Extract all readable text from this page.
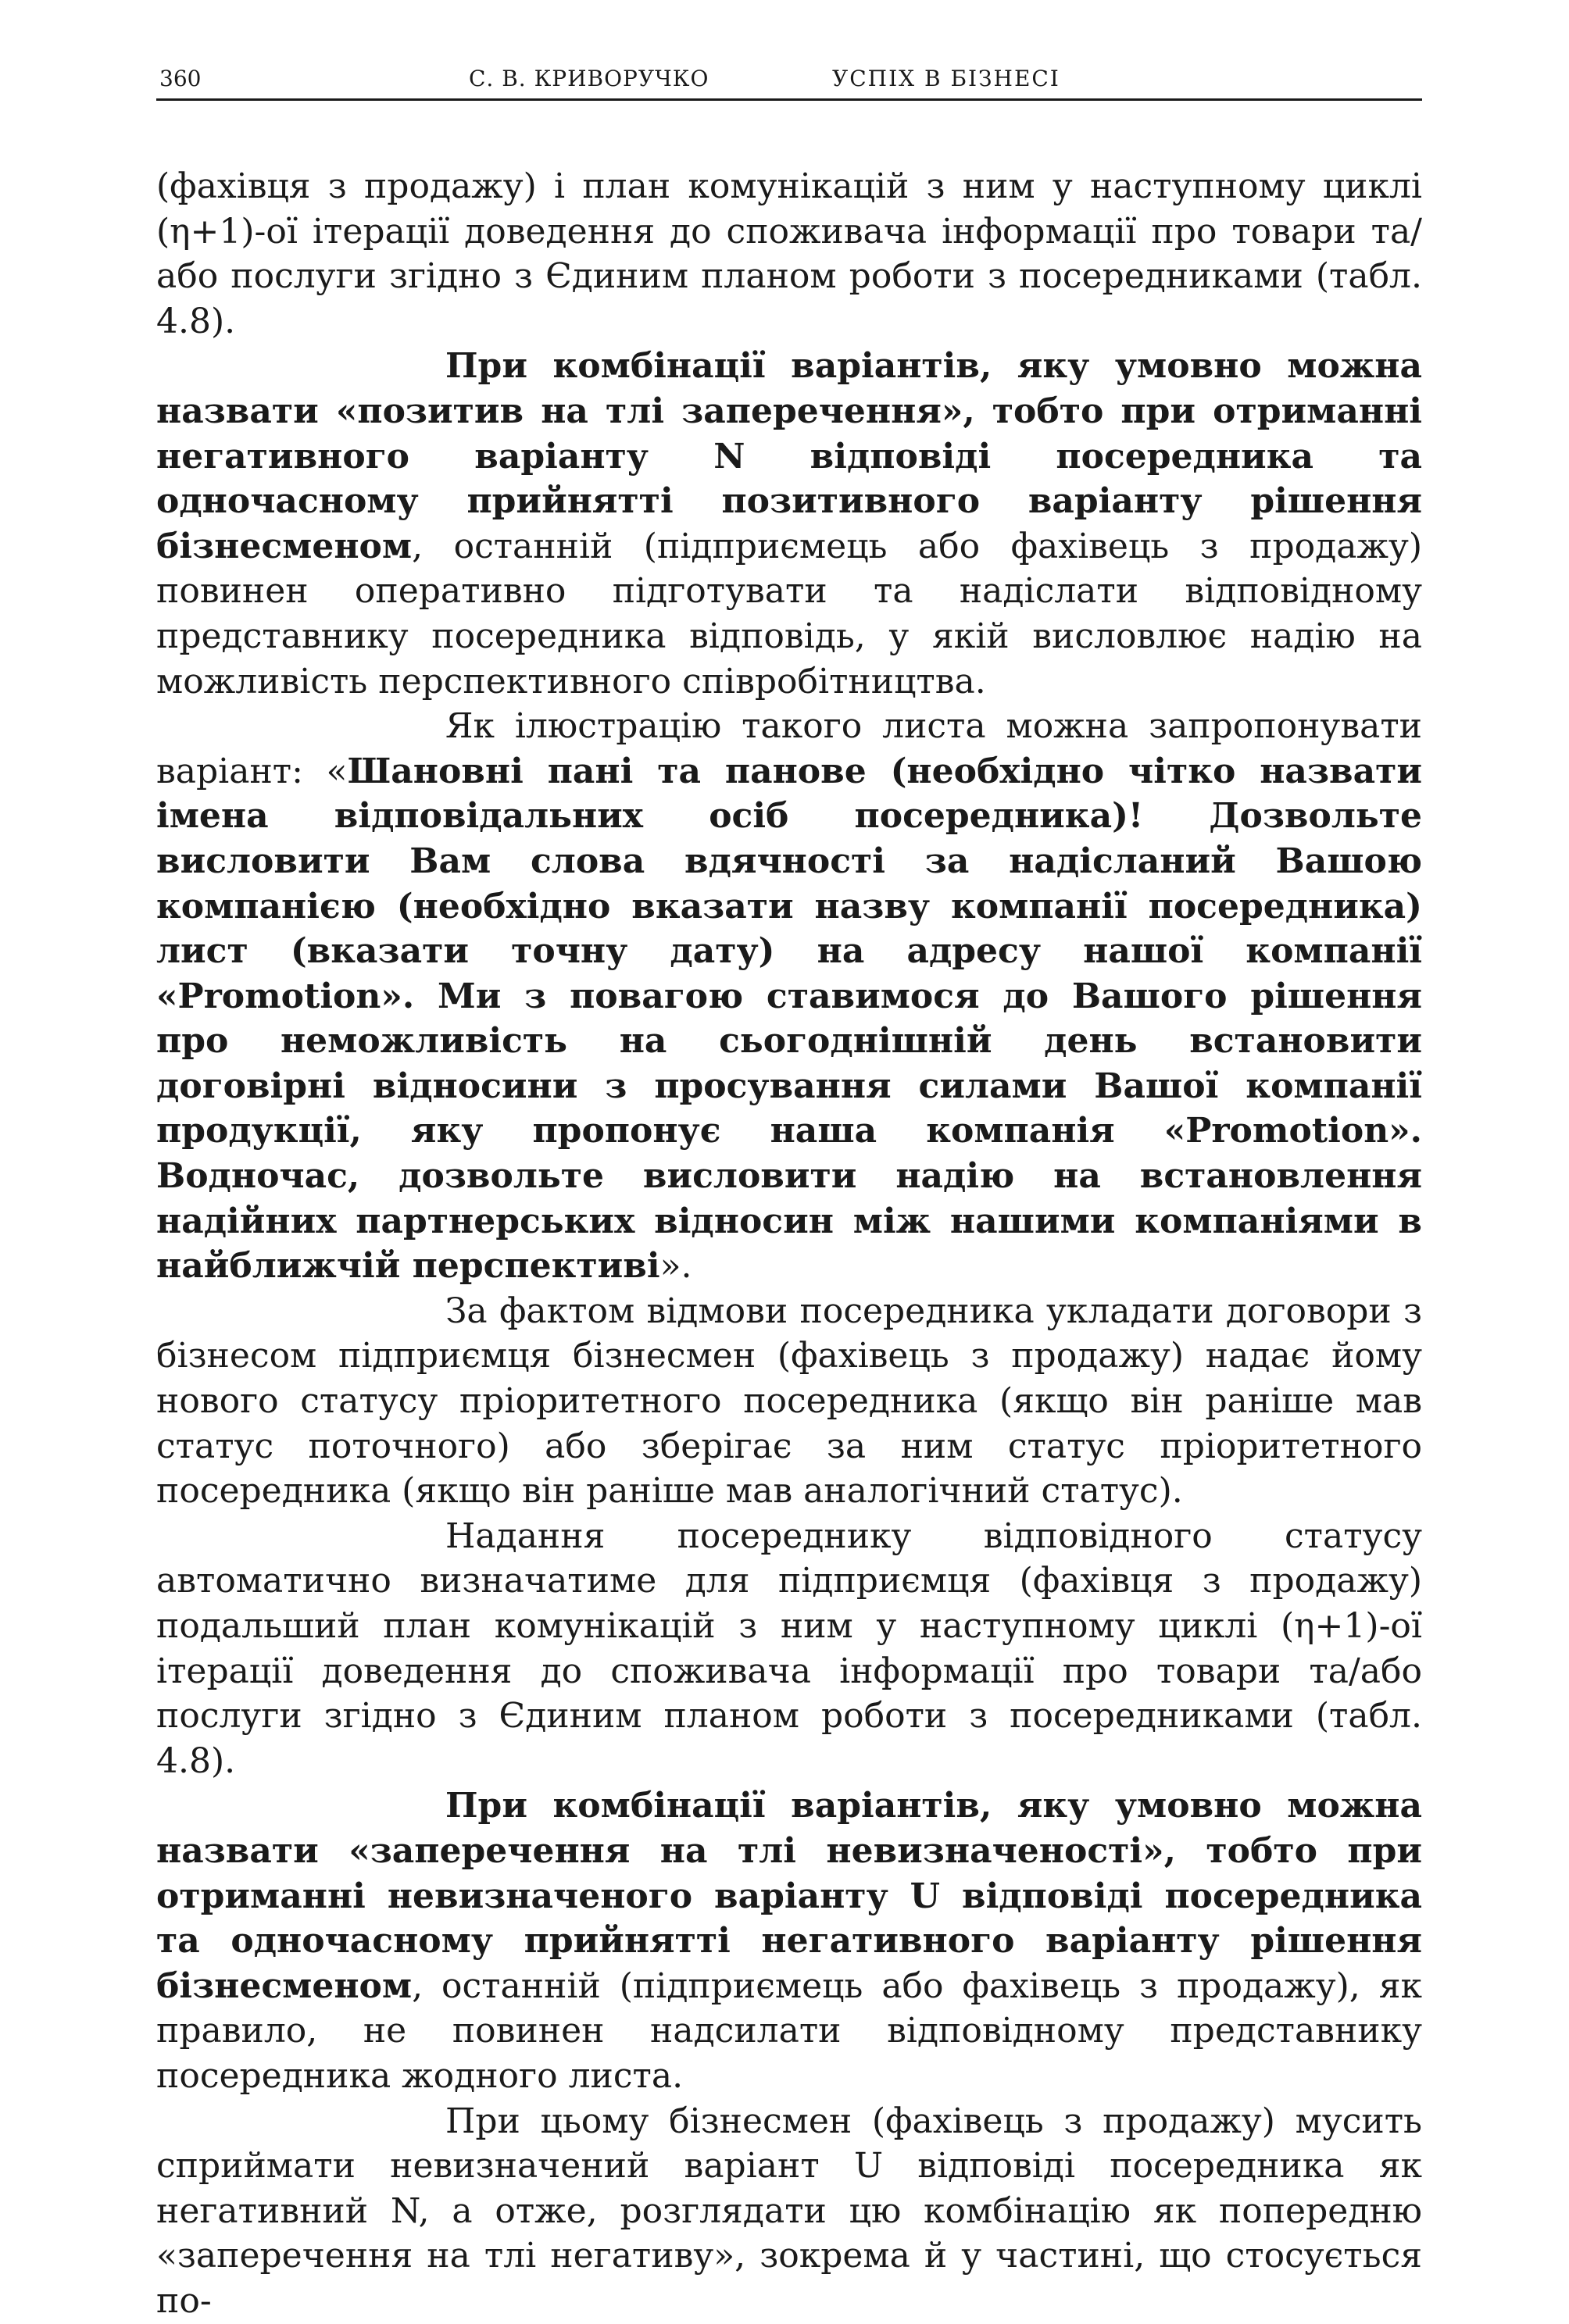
360	С. В. КРИВОРУЧКО	УСПІХ В БІЗНЕСІ

(фахівця з продажу) і план комунікацій з ним у наступному циклі (η+1)-ої ітерації доведення до споживача інформації про товари та/або послуги згідно з Єдиним планом роботи з посередниками (табл. 4.8).

При комбінації варіантів, яку умовно можна назвати «позитив на тлі заперечення», тобто при отриманні негативного варіанту N відповіді посередника та одночасному прийнятті позитивного варіанту рішення бізнесменом, останній (підприємець або фахівець з продажу) повинен оперативно підготувати та надіслати відповідному представнику посередника відповідь, у якій висловлює надію на можливість перспективного співробітництва.

Як ілюстрацію такого листа можна запропонувати варіант: «Шановні пані та панове (необхідно чітко назвати імена відповідальних осіб посередника)! Дозвольте висловити Вам слова вдячності за надісланий Вашою компанією (необхідно вказати назву компанії посередника) лист (вказати точну дату) на адресу нашої компанії «Promotion». Ми з повагою ставимося до Вашого рішення про неможливість на сьогоднішній день встановити договірні відносини з просування силами Вашої компанії продукції, яку пропонує наша компанія «Promotion». Водночас, дозвольте висловити надію на встановлення надійних партнерських відносин між нашими компаніями в найближчій перспективі».

За фактом відмови посередника укладати договори з бізнесом підприємця бізнесмен (фахівець з продажу) надає йому нового статусу пріоритетного посередника (якщо він раніше мав статус поточного) або зберігає за ним статус пріоритетного посередника (якщо він раніше мав аналогічний статус).

Надання посереднику відповідного статусу автоматично визначатиме для підприємця (фахівця з продажу) подальший план комунікацій з ним у наступному циклі (η+1)-ої ітерації доведення до споживача інформації про товари та/або послуги згідно з Єдиним планом роботи з посередниками (табл. 4.8).

При комбінації варіантів, яку умовно можна назвати «заперечення на тлі невизначеності», тобто при отриманні невизначеного варіанту U відповіді посередника та одночасному прийнятті негативного варіанту рішення бізнесменом, останній (підприємець або фахівець з продажу), як правило, не повинен надсилати відповідному представнику посередника жодного листа.

При цьому бізнесмен (фахівець з продажу) мусить сприймати невизначений варіант U відповіді посередника як негативний N, а отже, розглядати цю комбінацію як попередню «заперечення на тлі негативу», зокрема й у частині, що стосується по-
